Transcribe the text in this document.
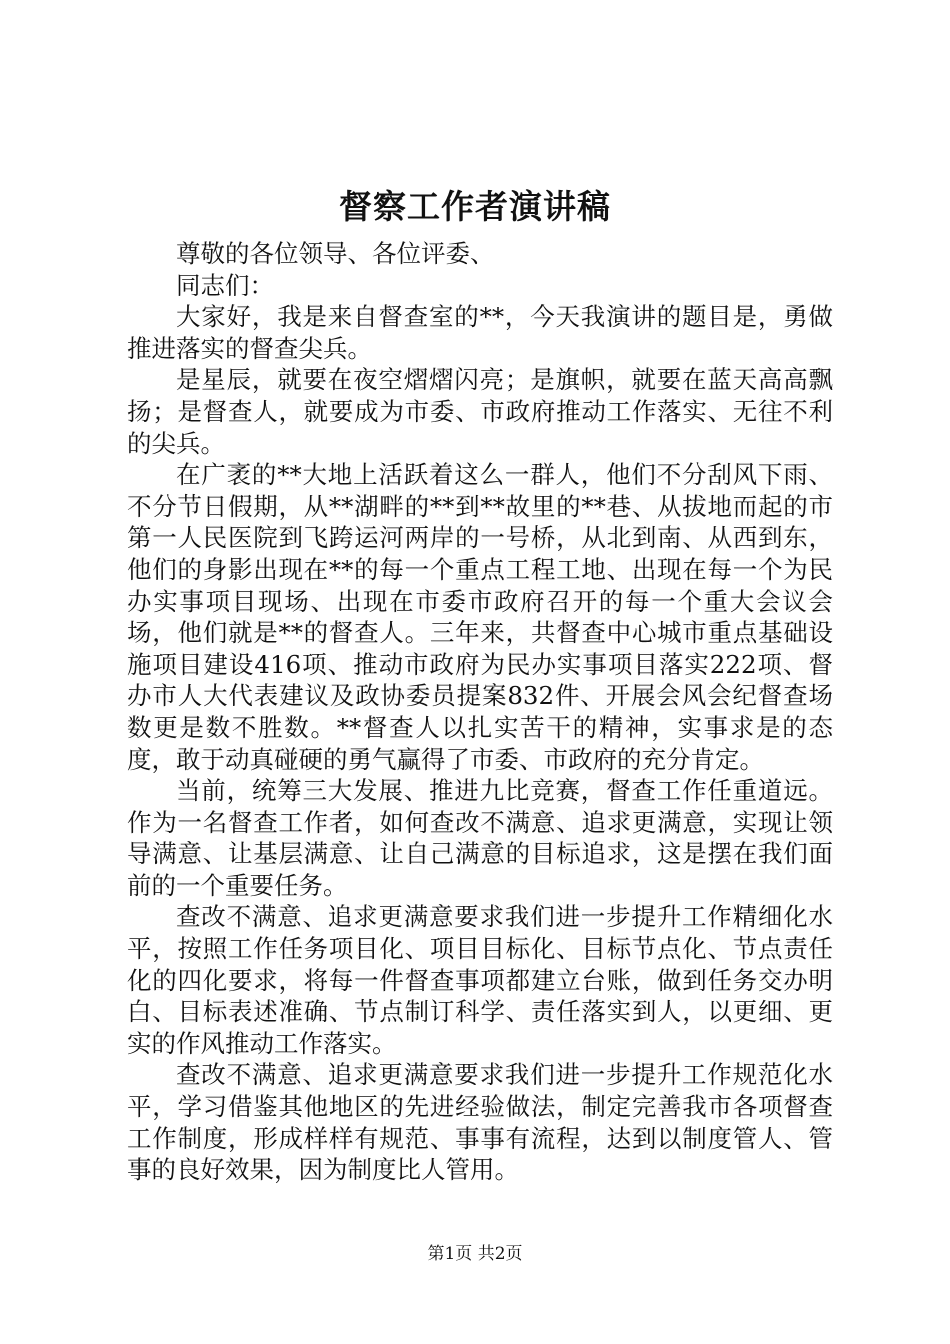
督察工作者演讲稿

尊敬的各位领导、各位评委、

同志们：

大家好，我是来自督查室的**，今天我演讲的题目是，勇做推进落实的督查尖兵。

是星辰，就要在夜空熠熠闪亮；是旗帜，就要在蓝天高高飘扬；是督查人，就要成为市委、市政府推动工作落实、无往不利的尖兵。

在广袤的**大地上活跃着这么一群人，他们不分刮风下雨、不分节日假期，从**湖畔的**到**故里的**巷、从拔地而起的市第一人民医院到飞跨运河两岸的一号桥，从北到南、从西到东，他们的身影出现在**的每一个重点工程工地、出现在每一个为民办实事项目现场、出现在市委市政府召开的每一个重大会议会场，他们就是**的督查人。三年来，共督查中心城市重点基础设施项目建设416项、推动市政府为民办实事项目落实222项、督办市人大代表建议及政协委员提案832件、开展会风会纪督查场数更是数不胜数。**督查人以扎实苦干的精神，实事求是的态度，敢于动真碰硬的勇气赢得了市委、市政府的充分肯定。

当前，统筹三大发展、推进九比竞赛，督查工作任重道远。作为一名督查工作者，如何查改不满意、追求更满意，实现让领导满意、让基层满意、让自己满意的目标追求，这是摆在我们面前的一个重要任务。

查改不满意、追求更满意要求我们进一步提升工作精细化水平，按照工作任务项目化、项目目标化、目标节点化、节点责任化的四化要求，将每一件督查事项都建立台账，做到任务交办明白、目标表述准确、节点制订科学、责任落实到人，以更细、更实的作风推动工作落实。

查改不满意、追求更满意要求我们进一步提升工作规范化水平，学习借鉴其他地区的先进经验做法，制定完善我市各项督查工作制度，形成样样有规范、事事有流程，达到以制度管人、管事的良好效果，因为制度比人管用。

第1页 共2页
